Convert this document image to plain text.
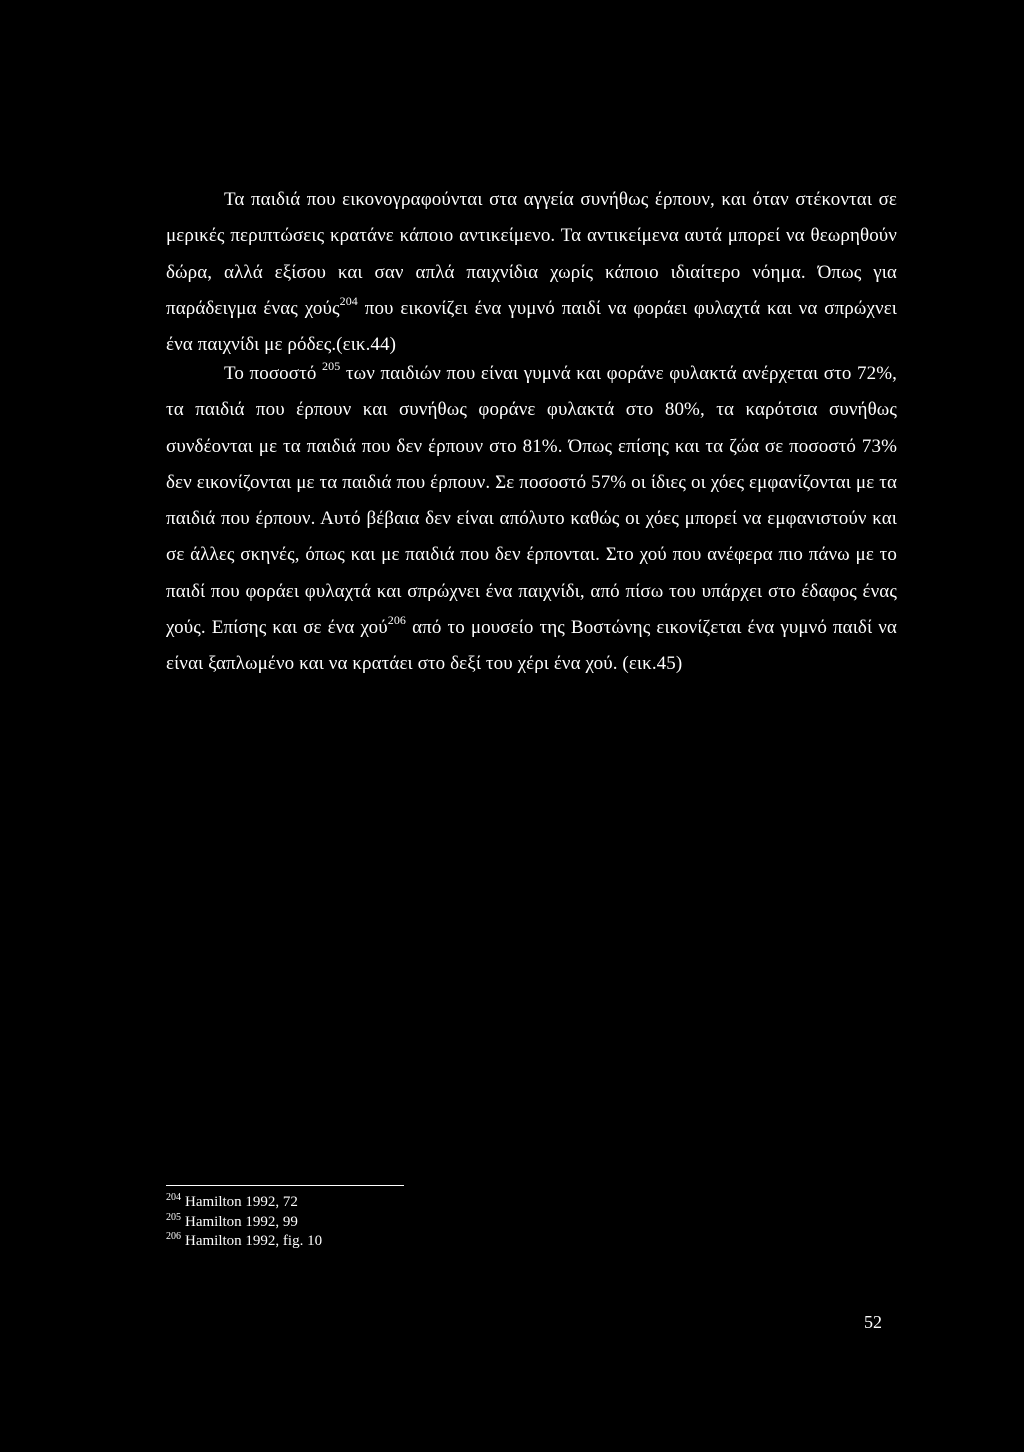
Τα παιδιά που εικονογραφούνται στα αγγεία συνήθως έρπουν, και όταν στέκονται σε μερικές περιπτώσεις κρατάνε κάποιο αντικείμενο. Τα αντικείμενα αυτά μπορεί να θεωρηθούν δώρα, αλλά εξίσου και σαν απλά παιχνίδια χωρίς κάποιο ιδιαίτερο νόημα. Όπως για παράδειγμα ένας χούς$^{204}$ που εικονίζει ένα γυμνό παιδί να φοράει φυλαχτά και να σπρώχνει ένα παιχνίδι με ρόδες.(εικ.44)

Το ποσοστό $^{205}$ των παιδιών που είναι γυμνά και φοράνε φυλακτά ανέρχεται στο 72%, τα παιδιά που έρπουν και συνήθως φοράνε φυλακτά στο 80%, τα καρότσια συνήθως συνδέονται με τα παιδιά που δεν έρπουν στο 81%. Όπως επίσης και τα ζώα σε ποσοστό 73% δεν εικονίζονται με τα παιδιά που έρπουν. Σε ποσοστό 57% οι ίδιες οι χόες εμφανίζονται με τα παιδιά που έρπουν. Αυτό βέβαια δεν είναι απόλυτο καθώς οι χόες μπορεί να εμφανιστούν και σε άλλες σκηνές, όπως και με παιδιά που δεν έρπονται. Στο χού που ανέφερα πιο πάνω με το παιδί που φοράει φυλαχτά και σπρώχνει ένα παιχνίδι, από πίσω του υπάρχει στο έδαφος ένας χούς. Επίσης και σε ένα χού$^{206}$ από το μουσείο της Βοστώνης εικονίζεται ένα γυμνό παιδί να είναι ξαπλωμένο και να κρατάει στο δεξί του χέρι ένα χού. (εικ.45)

$^{204}$ Hamilton 1992, 72
$^{205}$ Hamilton 1992, 99
$^{206}$ Hamilton 1992, fig. 10
52
